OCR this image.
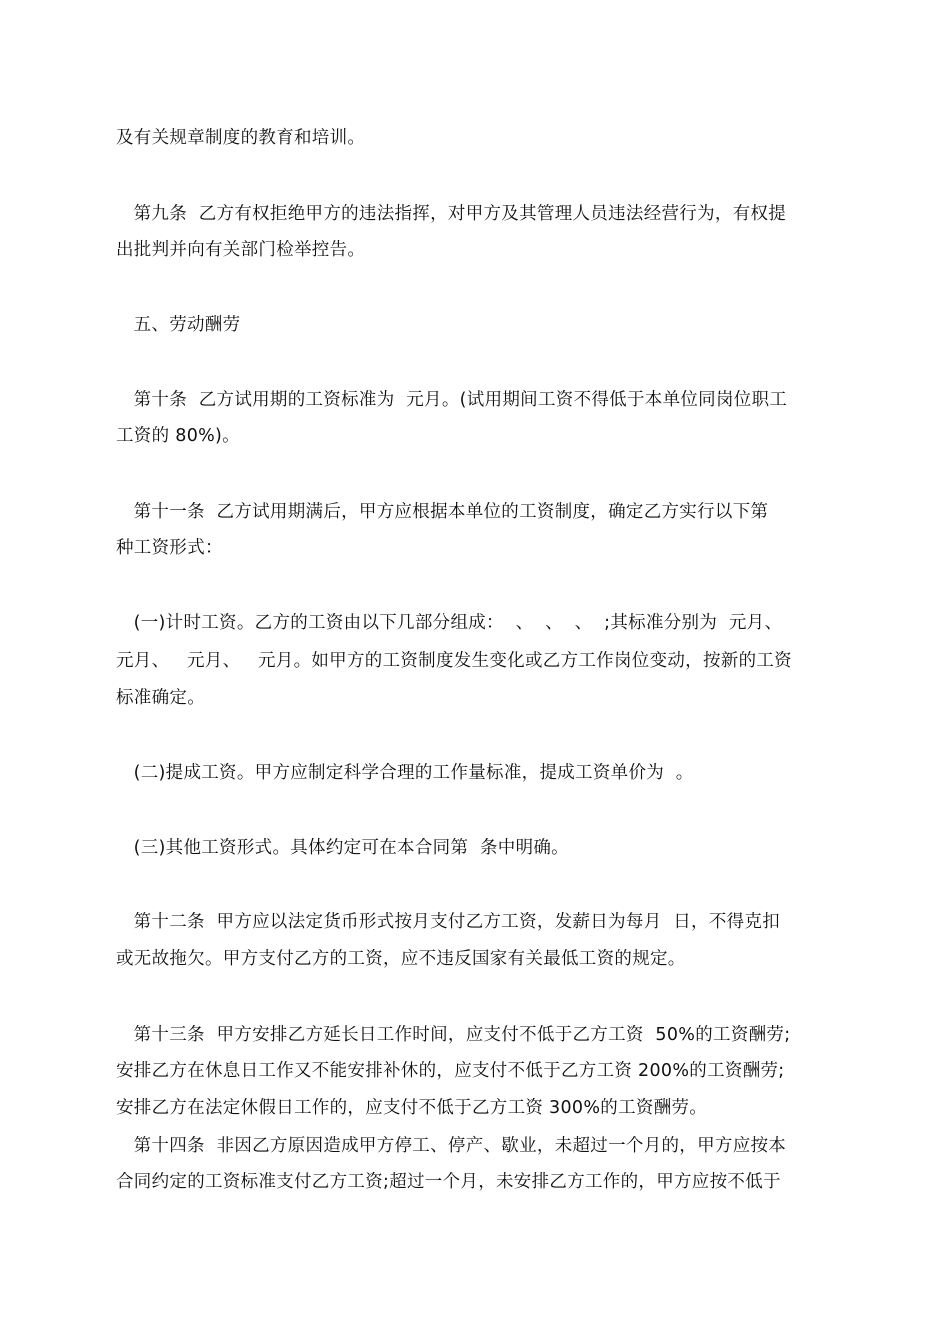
及有关规章制度的教育和培训。
第九条  乙方有权拒绝甲方的违法指挥，对甲方及其管理人员违法经营行为，有权提
出批判并向有关部门检举控告。
五、劳动酬劳
第十条  乙方试用期的工资标准为  元月。(试用期间工资不得低于本单位同岗位职工
工资的 80%)。
第十一条  乙方试用期满后，甲方应根据本单位的工资制度，确定乙方实行以下第
种工资形式：
(一)计时工资。乙方的工资由以下几部分组成：  、  、  、  ;其标准分别为  元月、
元月、   元月、   元月。如甲方的工资制度发生变化或乙方工作岗位变动，按新的工资
标准确定。
(二)提成工资。甲方应制定科学合理的工作量标准，提成工资单价为  。
(三)其他工资形式。具体约定可在本合同第  条中明确。
第十二条  甲方应以法定货币形式按月支付乙方工资，发薪日为每月  日，不得克扣
或无故拖欠。甲方支付乙方的工资，应不违反国家有关最低工资的规定。
第十三条  甲方安排乙方延长日工作时间，应支付不低于乙方工资  50%的工资酬劳;
安排乙方在休息日工作又不能安排补休的，应支付不低于乙方工资 200%的工资酬劳;
安排乙方在法定休假日工作的，应支付不低于乙方工资 300%的工资酬劳。
第十四条  非因乙方原因造成甲方停工、停产、歇业，未超过一个月的，甲方应按本
合同约定的工资标准支付乙方工资;超过一个月，未安排乙方工作的，甲方应按不低于
